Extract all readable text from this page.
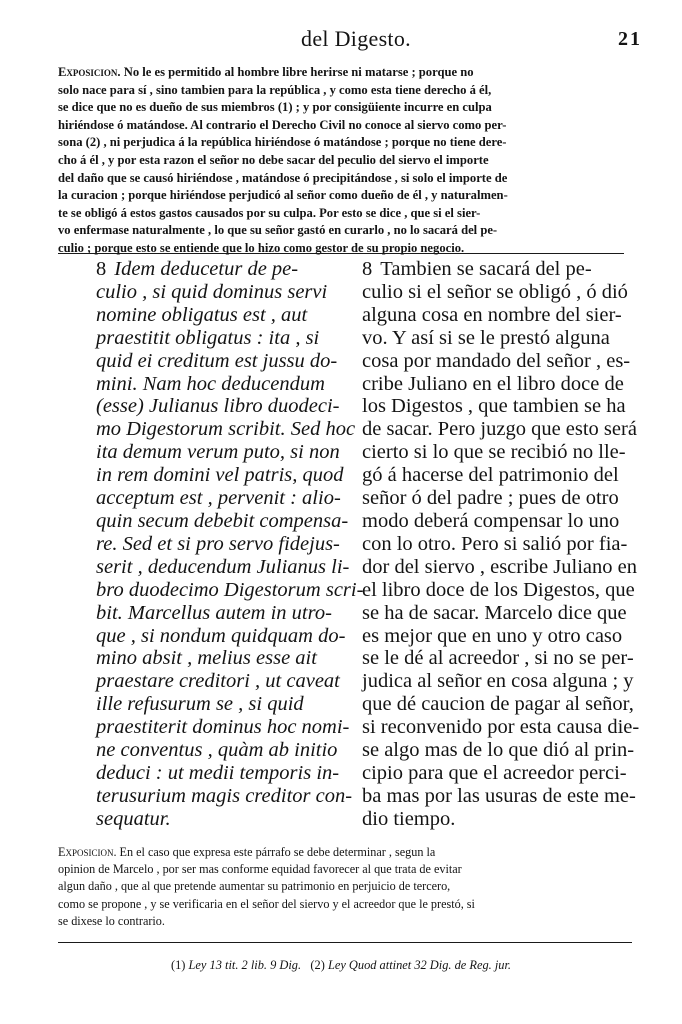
del Digesto.	21

Exposicion. No le es permitido al hombre libre herirse ni matarse ; porque no

solo nace para sí , sino tambien para la república , y como esta tiene derecho á él,

se dice que no es dueño de sus miembros (1) ; y por consigüiente incurre en culpa

hiriéndose ó matándose. Al contrario el Derecho Civil no conoce al siervo como per-

sona (2) , ni perjudica á la república hiriéndose ó matándose ; porque no tiene dere-

cho á él , y por esta razon el señor no debe sacar del peculio del siervo el importe

del daño que se causó hiriéndose , matándose ó precipitándose , si solo el importe de

la curacion ; porque hiriéndose perjudicó al señor como dueño de él , y naturalmen-

te se obligó á estos gastos causados por su culpa. Por esto se dice , que si el sier-

vo enfermase naturalmente , lo que su señor gastó en curarlo , no lo sacará del pe-

culio ; porque esto se entiende que lo hizo como gestor de su propio negocio.

8 Idem deducetur de pe-
culio , si quid dominus servi
nomine obligatus est , aut
praestitit obligatus : ita , si
quid ei creditum est jussu do-
mini. Nam hoc deducendum
(esse) Julianus libro duodeci-
mo Digestorum scribit. Sed hoc
ita demum verum puto, si non
in rem domini vel patris, quod
acceptum est , pervenit : alio-
quin secum debebit compensa-
re. Sed et si pro servo fidejus-
serit , deducendum Julianus li-
bro duodecimo Digestorum scri-
bit. Marcellus autem in utro-
que , si nondum quidquam do-
mino absit , melius esse ait
praestare creditori , ut caveat
ille refusurum se , si quid
praestiterit dominus hoc nomi-
ne conventus , quàm ab initio
deduci : ut medii temporis in-
terusurium magis creditor con-
sequatur.
8 Tambien se sacará del pe-
culio si el señor se obligó , ó dió
alguna cosa en nombre del sier-
vo. Y así si se le prestó alguna
cosa por mandado del señor , es-
cribe Juliano en el libro doce de
los Digestos , que tambien se ha
de sacar. Pero juzgo que esto será
cierto si lo que se recibió no lle-
gó á hacerse del patrimonio del
señor ó del padre ; pues de otro
modo deberá compensar lo uno
con lo otro. Pero si salió por fia-
dor del siervo , escribe Juliano en
el libro doce de los Digestos, que
se ha de sacar. Marcelo dice que
es mejor que en uno y otro caso
se le dé al acreedor , si no se per-
judica al señor en cosa alguna ; y
que dé caucion de pagar al señor,
si reconvenido por esta causa die-
se algo mas de lo que dió al prin-
cipio para que el acreedor perci-
ba mas por las usuras de este me-
dio tiempo.

Exposicion. En el caso que expresa este párrafo se debe determinar , segun la

opinion de Marcelo , por ser mas conforme equidad favorecer al que trata de evitar

algun daño , que al que pretende aumentar su patrimonio en perjuicio de tercero,

como se propone , y se verificaria en el señor del siervo y el acreedor que le prestó, si

se dixese lo contrario.

(1) Ley 13 tit. 2 lib. 9 Dig. (2) Ley Quod attinet 32 Dig. de Reg. jur.
